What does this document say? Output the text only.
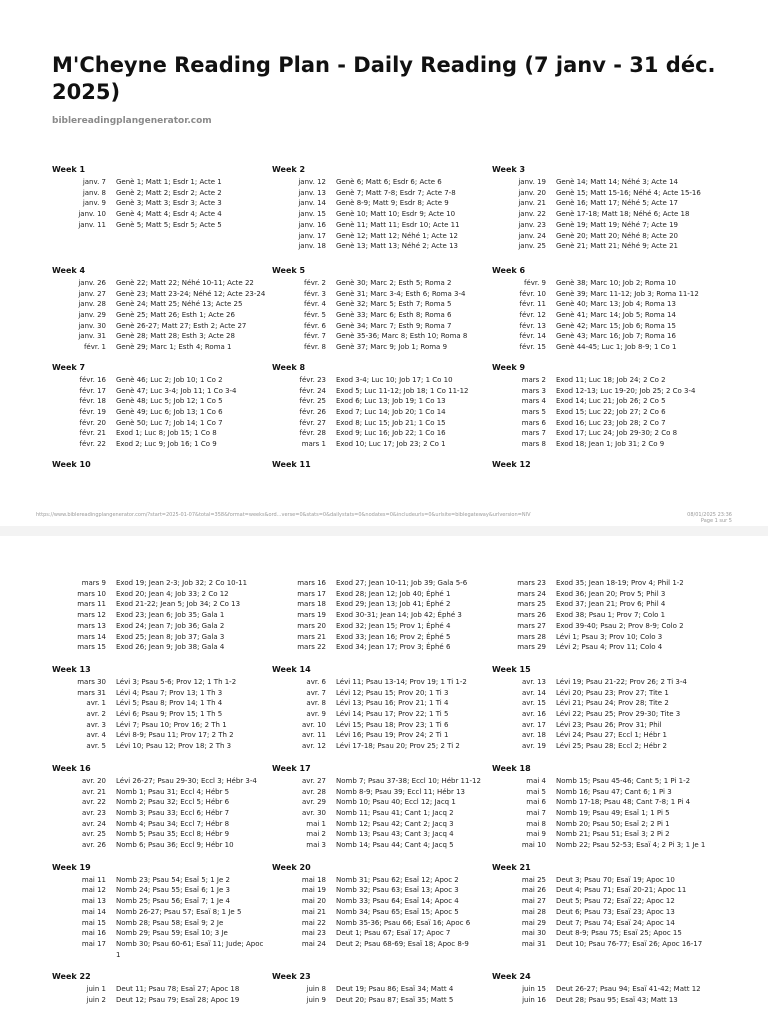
M'Cheyne Reading Plan - Daily Reading (7 janv - 31 déc. 2025)
biblereadingplangenerator.com
Week 1
janv. 7	Genè 1; Matt 1; Esdr 1; Acte 1
janv. 8	Genè 2; Matt 2; Esdr 2; Acte 2
janv. 9	Genè 3; Matt 3; Esdr 3; Acte 3
janv. 10	Genè 4; Matt 4; Esdr 4; Acte 4
janv. 11	Genè 5; Matt 5; Esdr 5; Acte 5
Week 2
janv. 12	Genè 6; Matt 6; Esdr 6; Acte 6
janv. 13	Genè 7; Matt 7-8; Esdr 7; Acte 7-8
janv. 14	Genè 8-9; Matt 9; Esdr 8; Acte 9
janv. 15	Genè 10; Matt 10; Esdr 9; Acte 10
janv. 16	Genè 11; Matt 11; Esdr 10; Acte 11
janv. 17	Genè 12; Matt 12; Néhé 1; Acte 12
janv. 18	Genè 13; Matt 13; Néhé 2; Acte 13
Week 3
janv. 19	Genè 14; Matt 14; Néhé 3; Acte 14
janv. 20	Genè 15; Matt 15-16; Néhé 4; Acte 15-16
janv. 21	Genè 16; Matt 17; Néhé 5; Acte 17
janv. 22	Genè 17-18; Matt 18; Néhé 6; Acte 18
janv. 23	Genè 19; Matt 19; Néhé 7; Acte 19
janv. 24	Genè 20; Matt 20; Néhé 8; Acte 20
janv. 25	Genè 21; Matt 21; Néhé 9; Acte 21
Week 4
janv. 26	Genè 22; Matt 22; Néhé 10-11; Acte 22
janv. 27	Genè 23; Matt 23-24; Néhé 12; Acte 23-24
janv. 28	Genè 24; Matt 25; Néhé 13; Acte 25
janv. 29	Genè 25; Matt 26; Esth 1; Acte 26
janv. 30	Genè 26-27; Matt 27; Esth 2; Acte 27
janv. 31	Genè 28; Matt 28; Esth 3; Acte 28
févr. 1	Genè 29; Marc 1; Esth 4; Roma 1
Week 5
févr. 2	Genè 30; Marc 2; Esth 5; Roma 2
févr. 3	Genè 31; Marc 3-4; Esth 6; Roma 3-4
févr. 4	Genè 32; Marc 5; Esth 7; Roma 5
févr. 5	Genè 33; Marc 6; Esth 8; Roma 6
févr. 6	Genè 34; Marc 7; Esth 9; Roma 7
févr. 7	Genè 35-36; Marc 8; Esth 10; Roma 8
févr. 8	Genè 37; Marc 9; Job 1; Roma 9
Week 6
févr. 9	Genè 38; Marc 10; Job 2; Roma 10
févr. 10	Genè 39; Marc 11-12; Job 3; Roma 11-12
févr. 11	Genè 40; Marc 13; Job 4; Roma 13
févr. 12	Genè 41; Marc 14; Job 5; Roma 14
févr. 13	Genè 42; Marc 15; Job 6; Roma 15
févr. 14	Genè 43; Marc 16; Job 7; Roma 16
févr. 15	Genè 44-45; Luc 1; Job 8-9; 1 Co 1
Week 7
févr. 16	Genè 46; Luc 2; Job 10; 1 Co 2
févr. 17	Genè 47; Luc 3-4; Job 11; 1 Co 3-4
févr. 18	Genè 48; Luc 5; Job 12; 1 Co 5
févr. 19	Genè 49; Luc 6; Job 13; 1 Co 6
févr. 20	Genè 50; Luc 7; Job 14; 1 Co 7
févr. 21	Exod 1; Luc 8; Job 15; 1 Co 8
févr. 22	Exod 2; Luc 9; Job 16; 1 Co 9
Week 8
févr. 23	Exod 3-4; Luc 10; Job 17; 1 Co 10
févr. 24	Exod 5; Luc 11-12; Job 18; 1 Co 11-12
févr. 25	Exod 6; Luc 13; Job 19; 1 Co 13
févr. 26	Exod 7; Luc 14; Job 20; 1 Co 14
févr. 27	Exod 8; Luc 15; Job 21; 1 Co 15
févr. 28	Exod 9; Luc 16; Job 22; 1 Co 16
mars 1	Exod 10; Luc 17; Job 23; 2 Co 1
Week 9
mars 2	Exod 11; Luc 18; Job 24; 2 Co 2
mars 3	Exod 12-13; Luc 19-20; Job 25; 2 Co 3-4
mars 4	Exod 14; Luc 21; Job 26; 2 Co 5
mars 5	Exod 15; Luc 22; Job 27; 2 Co 6
mars 6	Exod 16; Luc 23; Job 28; 2 Co 7
mars 7	Exod 17; Luc 24; Job 29-30; 2 Co 8
mars 8	Exod 18; Jean 1; Job 31; 2 Co 9
Week 10	Week 11	Week 12
https://www.biblereadingplangenerator.com/?start=2025-01-07&total=358&format=weeks&ord...verse=0&stats=0&dailystats=0&nodates=0&includeurls=0&urlsite=biblegateway&urlversion=NIV	08/01/2025 23:36
Page 1 sur 5
mars 9	Exod 19; Jean 2-3; Job 32; 2 Co 10-11
mars 10	Exod 20; Jean 4; Job 33; 2 Co 12
mars 11	Exod 21-22; Jean 5; Job 34; 2 Co 13
mars 12	Exod 23; Jean 6; Job 35; Gala 1
mars 13	Exod 24; Jean 7; Job 36; Gala 2
mars 14	Exod 25; Jean 8; Job 37; Gala 3
mars 15	Exod 26; Jean 9; Job 38; Gala 4
mars 16	Exod 27; Jean 10-11; Job 39; Gala 5-6
mars 17	Exod 28; Jean 12; Job 40; Éphé 1
mars 18	Exod 29; Jean 13; Job 41; Éphé 2
mars 19	Exod 30-31; Jean 14; Job 42; Éphé 3
mars 20	Exod 32; Jean 15; Prov 1; Éphé 4
mars 21	Exod 33; Jean 16; Prov 2; Éphé 5
mars 22	Exod 34; Jean 17; Prov 3; Éphé 6
mars 23	Exod 35; Jean 18-19; Prov 4; Phil 1-2
mars 24	Exod 36; Jean 20; Prov 5; Phil 3
mars 25	Exod 37; Jean 21; Prov 6; Phil 4
mars 26	Exod 38; Psau 1; Prov 7; Colo 1
mars 27	Exod 39-40; Psau 2; Prov 8-9; Colo 2
mars 28	Lévi 1; Psau 3; Prov 10; Colo 3
mars 29	Lévi 2; Psau 4; Prov 11; Colo 4
Week 13
mars 30	Lévi 3; Psau 5-6; Prov 12; 1 Th 1-2
mars 31	Lévi 4; Psau 7; Prov 13; 1 Th 3
avr. 1	Lévi 5; Psau 8; Prov 14; 1 Th 4
avr. 2	Lévi 6; Psau 9; Prov 15; 1 Th 5
avr. 3	Lévi 7; Psau 10; Prov 16; 2 Th 1
avr. 4	Lévi 8-9; Psau 11; Prov 17; 2 Th 2
avr. 5	Lévi 10; Psau 12; Prov 18; 2 Th 3
Week 14
avr. 6	Lévi 11; Psau 13-14; Prov 19; 1 Ti 1-2
avr. 7	Lévi 12; Psau 15; Prov 20; 1 Ti 3
avr. 8	Lévi 13; Psau 16; Prov 21; 1 Ti 4
avr. 9	Lévi 14; Psau 17; Prov 22; 1 Ti 5
avr. 10	Lévi 15; Psau 18; Prov 23; 1 Ti 6
avr. 11	Lévi 16; Psau 19; Prov 24; 2 Ti 1
avr. 12	Lévi 17-18; Psau 20; Prov 25; 2 Ti 2
Week 15
avr. 13	Lévi 19; Psau 21-22; Prov 26; 2 Ti 3-4
avr. 14	Lévi 20; Psau 23; Prov 27; Tite 1
avr. 15	Lévi 21; Psau 24; Prov 28; Tite 2
avr. 16	Lévi 22; Psau 25; Prov 29-30; Tite 3
avr. 17	Lévi 23; Psau 26; Prov 31; Phil
avr. 18	Lévi 24; Psau 27; Eccl 1; Hébr 1
avr. 19	Lévi 25; Psau 28; Eccl 2; Hébr 2
Week 16
avr. 20	Lévi 26-27; Psau 29-30; Eccl 3; Hébr 3-4
avr. 21	Nomb 1; Psau 31; Eccl 4; Hébr 5
avr. 22	Nomb 2; Psau 32; Eccl 5; Hébr 6
avr. 23	Nomb 3; Psau 33; Eccl 6; Hébr 7
avr. 24	Nomb 4; Psau 34; Eccl 7; Hébr 8
avr. 25	Nomb 5; Psau 35; Eccl 8; Hébr 9
avr. 26	Nomb 6; Psau 36; Eccl 9; Hébr 10
Week 17
avr. 27	Nomb 7; Psau 37-38; Eccl 10; Hébr 11-12
avr. 28	Nomb 8-9; Psau 39; Eccl 11; Hébr 13
avr. 29	Nomb 10; Psau 40; Eccl 12; Jacq 1
avr. 30	Nomb 11; Psau 41; Cant 1; Jacq 2
mai 1	Nomb 12; Psau 42; Cant 2; Jacq 3
mai 2	Nomb 13; Psau 43; Cant 3; Jacq 4
mai 3	Nomb 14; Psau 44; Cant 4; Jacq 5
Week 18
mai 4	Nomb 15; Psau 45-46; Cant 5; 1 Pi 1-2
mai 5	Nomb 16; Psau 47; Cant 6; 1 Pi 3
mai 6	Nomb 17-18; Psau 48; Cant 7-8; 1 Pi 4
mai 7	Nomb 19; Psau 49; Esaï 1; 1 Pi 5
mai 8	Nomb 20; Psau 50; Esaï 2; 2 Pi 1
mai 9	Nomb 21; Psau 51; Esaï 3; 2 Pi 2
mai 10	Nomb 22; Psau 52-53; Esaï 4; 2 Pi 3; 1 Je 1
Week 19
mai 11	Nomb 23; Psau 54; Esaï 5; 1 Je 2
mai 12	Nomb 24; Psau 55; Esaï 6; 1 Je 3
mai 13	Nomb 25; Psau 56; Esaï 7; 1 Je 4
mai 14	Nomb 26-27; Psau 57; Esaï 8; 1 Je 5
mai 15	Nomb 28; Psau 58; Esaï 9; 2 Je
mai 16	Nomb 29; Psau 59; Esaï 10; 3 Je
mai 17	Nomb 30; Psau 60-61; Esaï 11; Jude; Apoc 1
Week 20
mai 18	Nomb 31; Psau 62; Esaï 12; Apoc 2
mai 19	Nomb 32; Psau 63; Esaï 13; Apoc 3
mai 20	Nomb 33; Psau 64; Esaï 14; Apoc 4
mai 21	Nomb 34; Psau 65; Esaï 15; Apoc 5
mai 22	Nomb 35-36; Psau 66; Esaï 16; Apoc 6
mai 23	Deut 1; Psau 67; Esaï 17; Apoc 7
mai 24	Deut 2; Psau 68-69; Esaï 18; Apoc 8-9
Week 21
mai 25	Deut 3; Psau 70; Esaï 19; Apoc 10
mai 26	Deut 4; Psau 71; Esaï 20-21; Apoc 11
mai 27	Deut 5; Psau 72; Esaï 22; Apoc 12
mai 28	Deut 6; Psau 73; Esaï 23; Apoc 13
mai 29	Deut 7; Psau 74; Esaï 24; Apoc 14
mai 30	Deut 8-9; Psau 75; Esaï 25; Apoc 15
mai 31	Deut 10; Psau 76-77; Esaï 26; Apoc 16-17
Week 22
juin 1	Deut 11; Psau 78; Esaï 27; Apoc 18
juin 2	Deut 12; Psau 79; Esaï 28; Apoc 19
Week 23
juin 8	Deut 19; Psau 86; Esaï 34; Matt 4
juin 9	Deut 20; Psau 87; Esaï 35; Matt 5
Week 24
juin 15	Deut 26-27; Psau 94; Esaï 41-42; Matt 12
juin 16	Deut 28; Psau 95; Esaï 43; Matt 13
